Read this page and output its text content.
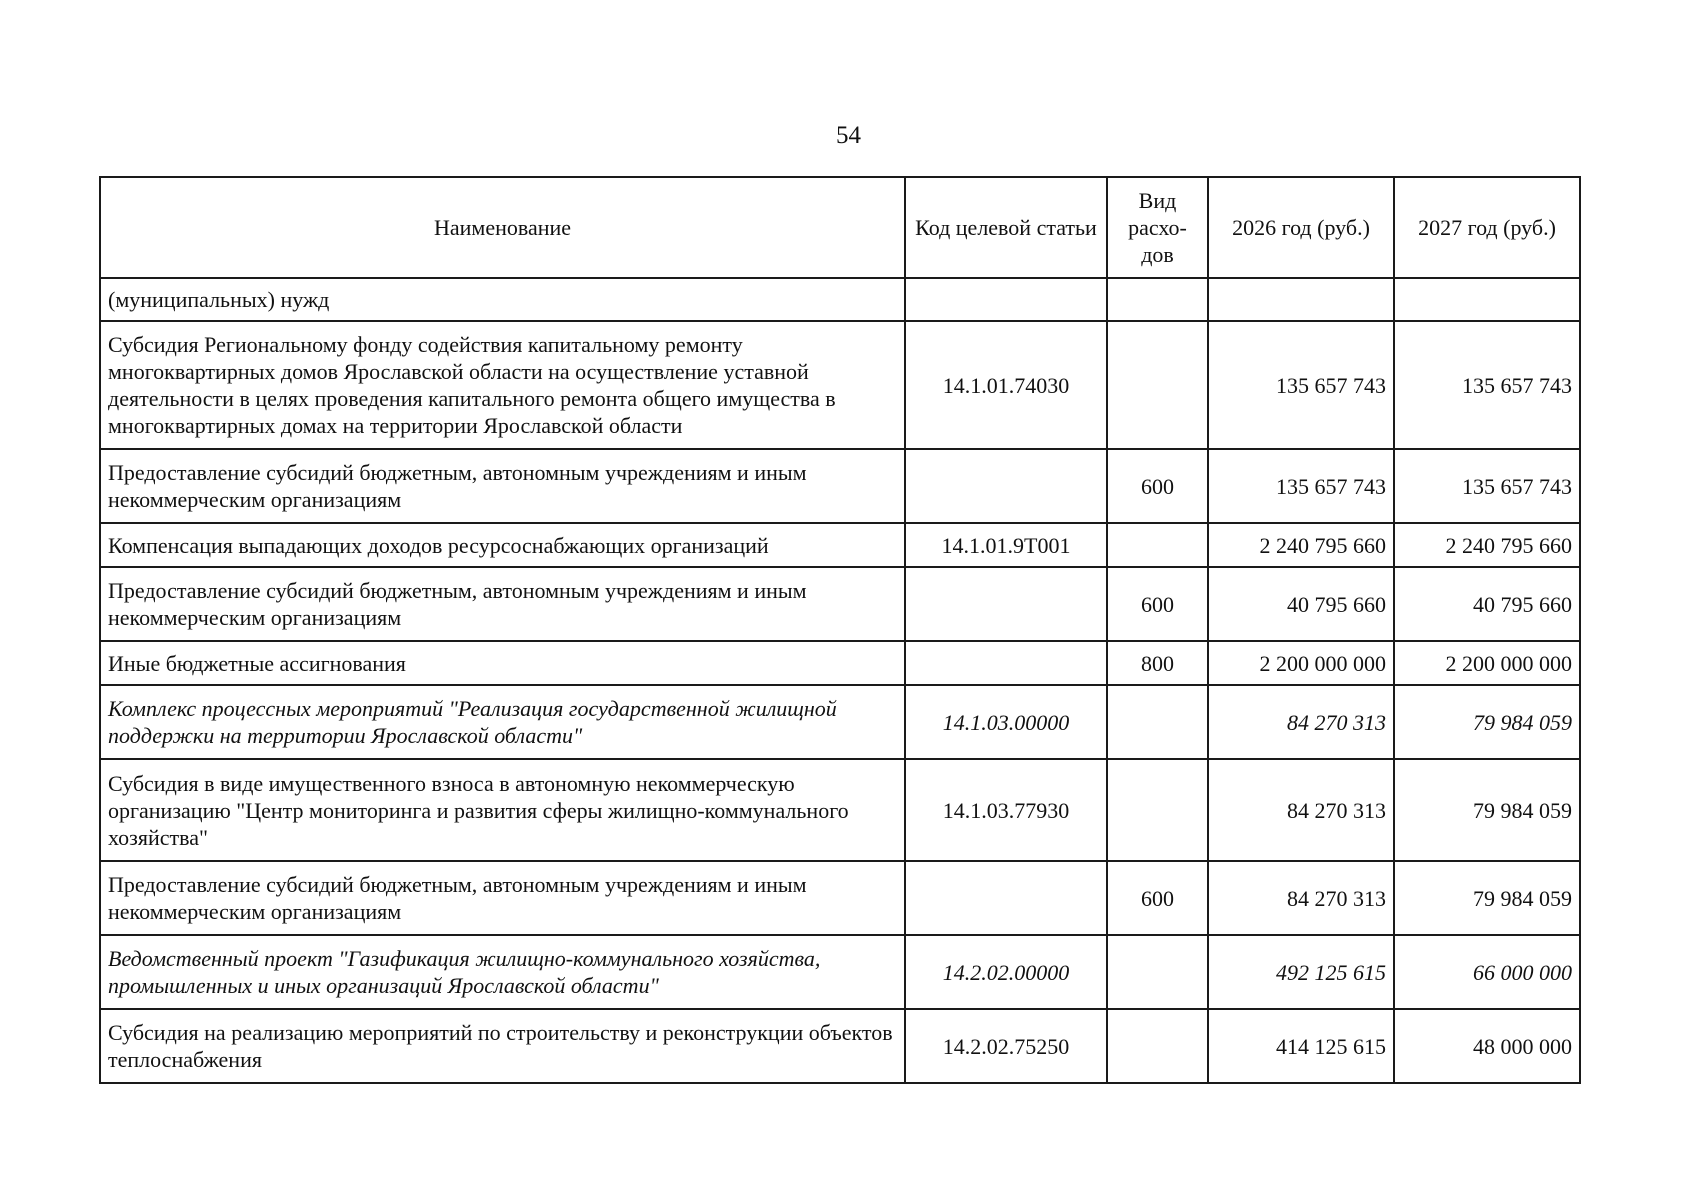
54
Наименование	Код целевой статьи	Вид расхо-дов	2026 год (руб.)	2027 год (руб.)
(муниципальных) нужд				
Субсидия Региональному фонду содействия капитальному ремонту многоквартирных домов Ярославской области на осуществление уставной деятельности в целях проведения капитального ремонта общего имущества в многоквартирных домах на территории Ярославской области	14.1.01.74030		135 657 743	135 657 743
Предоставление субсидий бюджетным, автономным учреждениям и иным некоммерческим организациям		600	135 657 743	135 657 743
Компенсация выпадающих доходов ресурсоснабжающих организаций	14.1.01.9Т001		2 240 795 660	2 240 795 660
Предоставление субсидий бюджетным, автономным учреждениям и иным некоммерческим организациям		600	40 795 660	40 795 660
Иные бюджетные ассигнования		800	2 200 000 000	2 200 000 000
Комплекс процессных мероприятий "Реализация государственной жилищной поддержки на территории Ярославской области"	14.1.03.00000		84 270 313	79 984 059
Субсидия в виде имущественного взноса в автономную некоммерческую организацию "Центр мониторинга и развития сферы жилищно-коммунального хозяйства"	14.1.03.77930		84 270 313	79 984 059
Предоставление субсидий бюджетным, автономным учреждениям и иным некоммерческим организациям		600	84 270 313	79 984 059
Ведомственный проект "Газификация жилищно-коммунального хозяйства, промышленных и иных организаций Ярославской области"	14.2.02.00000		492 125 615	66 000 000
Субсидия на реализацию мероприятий по строительству и реконструкции объектов теплоснабжения	14.2.02.75250		414 125 615	48 000 000
